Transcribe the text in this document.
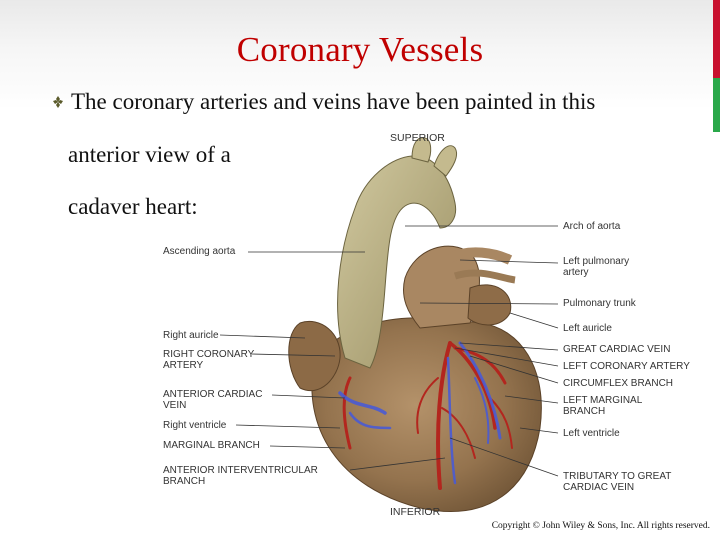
Coronary Vessels
The coronary arteries and veins have been painted in this
anterior view of a
cadaver heart:
SUPERIOR
INFERIOR
Ascending aorta
Right auricle
RIGHT CORONARY
ARTERY
ANTERIOR CARDIAC
VEIN
Right ventricle
MARGINAL BRANCH
ANTERIOR INTERVENTRICULAR
BRANCH
Arch of aorta
Left pulmonary
artery
Pulmonary trunk
Left auricle
GREAT CARDIAC VEIN
LEFT CORONARY ARTERY
CIRCUMFLEX BRANCH
LEFT MARGINAL
BRANCH
Left ventricle
TRIBUTARY TO GREAT
CARDIAC VEIN
Copyright © John Wiley & Sons, Inc. All rights reserved.
